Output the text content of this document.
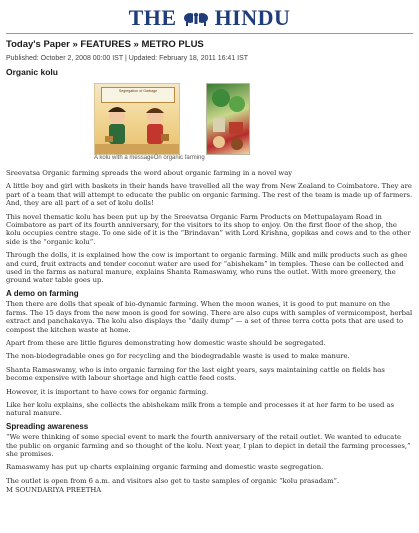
THE HINDU
Today's Paper » FEATURES » METRO PLUS
Published: October 2, 2008 00:00 IST | Updated: February 18, 2011 16:41 IST
Organic kolu
Segregation of Garbage
A kolu with a messageOn organic farming

Sreevatsa Organic farming spreads the word about organic farming in a novel way

A little boy and girl with baskets in their hands have travelled all the way from New Zealand to Coimbatore. They are part of a team that will attempt to educate the public on organic farming. The rest of the team is made up of farmers. And, they are all part of a set of kolu dolls!

This novel thematic kolu has been put up by the Sreevatsa Organic Farm Products on Mettupalayam Road in Coimbatore as part of its fourth anniversary, for the visitors to its shop to enjoy. On the first floor of the shop, the kolu occupies centre stage. To one side of it is the “Brindavan” with Lord Krishna, gopikas and cows and to the other side is the “organic kolu”.

Through the dolls, it is explained how the cow is important to organic farming. Milk and milk products such as ghee and curd, fruit extracts and tender coconut water are used for “abishekam” in temples. These can be collected and used in the farms as natural manure, explains Shanta Ramaswamy, who runs the outlet. With more greenery, the ground water table goes up.

A demo on farming

Then there are dolls that speak of bio-dynamic farming. When the moon wanes, it is good to put manure on the farms. The 15 days from the new moon is good for sowing. There are also cups with samples of vermicompost, herbal extract and panchakavya. The kolu also displays the “daily dump” — a set of three terra cotta pots that are used to compost the kitchen waste at home.

Apart from these are little figures demonstrating how domestic waste should be segregated.

The non-biodegradable ones go for recycling and the biodegradable waste is used to make manure.

Shanta Ramaswamy, who is into organic farming for the last eight years, says maintaining cattle on fields has become expensive with labour shortage and high cattle feed costs.

However, it is important to have cows for organic farming.

Like her kolu explains, she collects the abishekam milk from a temple and processes it at her farm to be used as natural manure.

Spreading awareness

“We were thinking of some special event to mark the fourth anniversary of the retail outlet. We wanted to educate the public on organic farming and so thought of the kolu. Next year, I plan to depict in detail the farming processes,” she promises.

Ramaswamy has put up charts explaining organic farming and domestic waste segregation.

The outlet is open from 6 a.m. and visitors also get to taste samples of organic “kolu prasadam”.

M SOUNDARIYA PREETHA
